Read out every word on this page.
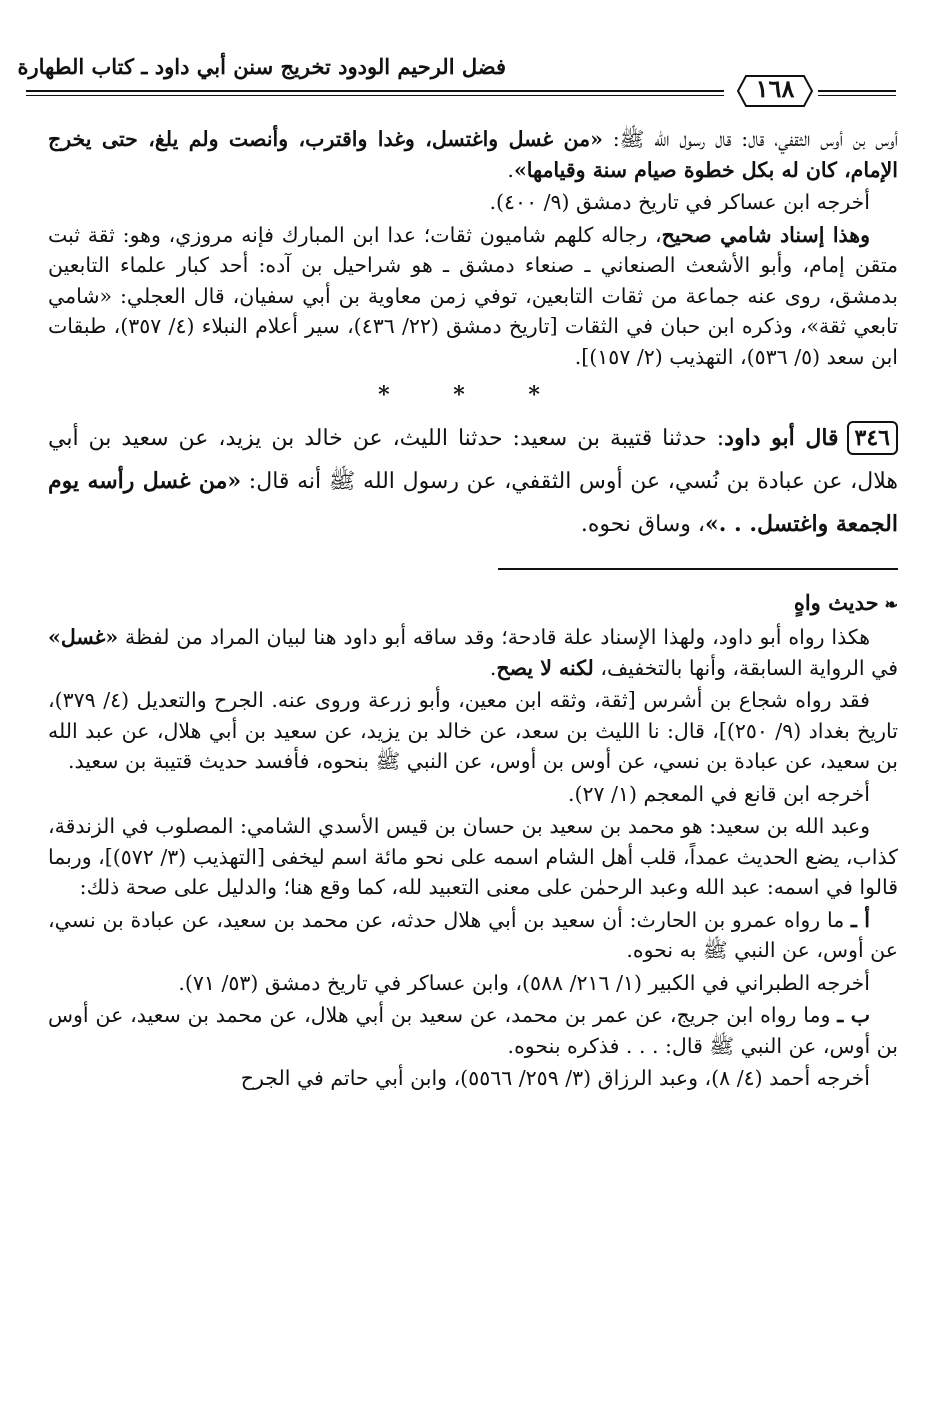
فضل الرحيم الودود تخريج سنن أبي داود ـ كتاب الطهارة
١٦٨

أوس بن أوس الثقفي، قال: قال رسول الله ﷺ: «من غسل واغتسل، وغدا واقترب، وأنصت ولم يلغ، حتى يخرج الإمام، كان له بكل خطوة صيام سنة وقيامها».

أخرجه ابن عساكر في تاريخ دمشق (٩/ ٤٠٠).

وهذا إسناد شامي صحيح، رجاله كلهم شاميون ثقات؛ عدا ابن المبارك فإنه مروزي، وهو: ثقة ثبت متقن إمام، وأبو الأشعث الصنعاني ـ صنعاء دمشق ـ هو شراحيل بن آده: أحد كبار علماء التابعين بدمشق، روى عنه جماعة من ثقات التابعين، توفي زمن معاوية بن أبي سفيان، قال العجلي: «شامي تابعي ثقة»، وذكره ابن حبان في الثقات [تاريخ دمشق (٢٢/ ٤٣٦)، سير أعلام النبلاء (٤/ ٣٥٧)، طبقات ابن سعد (٥/ ٥٣٦)، التهذيب (٢/ ١٥٧)].

* * *

٣٤٦قال أبو داود: حدثنا قتيبة بن سعيد: حدثنا الليث، عن خالد بن يزيد، عن سعيد بن أبي هلال، عن عبادة بن نُسي، عن أوس الثقفي، عن رسول الله ﷺ أنه قال: «من غسل رأسه يوم الجمعة واغتسل. . .»، وساق نحوه.

❧حديث واهٍ

هكذا رواه أبو داود، ولهذا الإسناد علة قادحة؛ وقد ساقه أبو داود هنا لبيان المراد من لفظة «غسل» في الرواية السابقة، وأنها بالتخفيف، لكنه لا يصح.

فقد رواه شجاع بن أشرس [ثقة، وثقه ابن معين، وأبو زرعة وروى عنه. الجرح والتعديل (٤/ ٣٧٩)، تاريخ بغداد (٩/ ٢٥٠)]، قال: نا الليث بن سعد، عن خالد بن يزيد، عن سعيد بن أبي هلال، عن عبد الله بن سعيد، عن عبادة بن نسي، عن أوس بن أوس، عن النبي ﷺ بنحوه، فأفسد حديث قتيبة بن سعيد.

أخرجه ابن قانع في المعجم (١/ ٢٧).

وعبد الله بن سعيد: هو محمد بن سعيد بن حسان بن قيس الأسدي الشامي: المصلوب في الزندقة، كذاب، يضع الحديث عمداً، قلب أهل الشام اسمه على نحو مائة اسم ليخفى [التهذيب (٣/ ٥٧٢)]، وربما قالوا في اسمه: عبد الله وعبد الرحمٰن على معنى التعبيد لله، كما وقع هنا؛ والدليل على صحة ذلك:

أ ـ ما رواه عمرو بن الحارث: أن سعيد بن أبي هلال حدثه، عن محمد بن سعيد، عن عبادة بن نسي، عن أوس، عن النبي ﷺ به نحوه.

أخرجه الطبراني في الكبير (١/ ٢١٦/ ٥٨٨)، وابن عساكر في تاريخ دمشق (٥٣/ ٧١).

ب ـ وما رواه ابن جريج، عن عمر بن محمد، عن سعيد بن أبي هلال، عن محمد بن سعيد، عن أوس بن أوس، عن النبي ﷺ قال: . . . فذكره بنحوه.

أخرجه أحمد (٤/ ٨)، وعبد الرزاق (٣/ ٢٥٩/ ٥٥٦٦)، وابن أبي حاتم في الجرح
